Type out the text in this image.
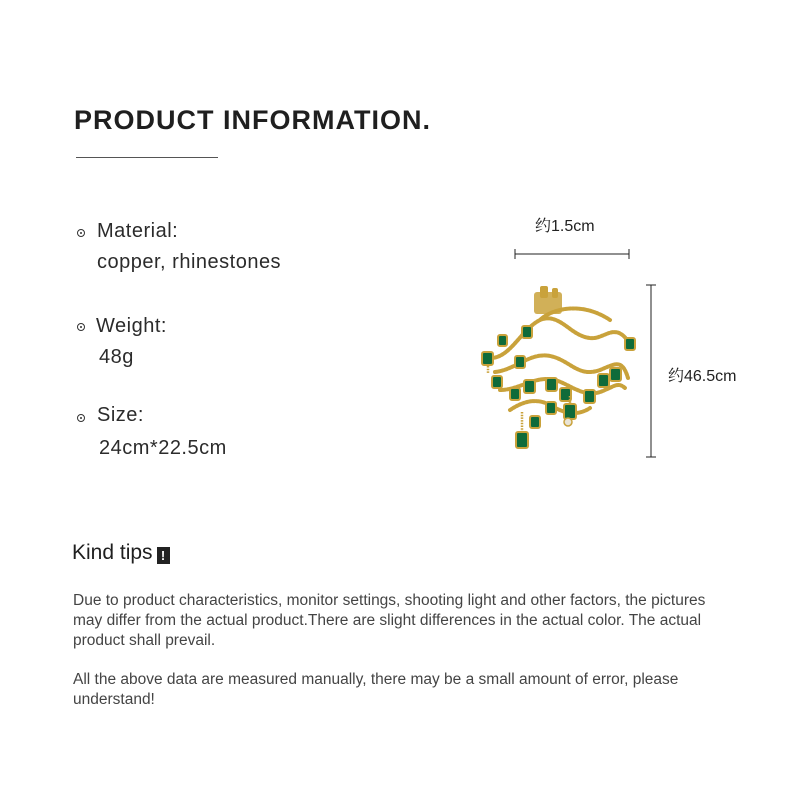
PRODUCT INFORMATION.
Material:
copper, rhinestones
Weight:
48g
Size:
24cm*22.5cm
约1.5cm
约46.5cm
Kind tips !
Due to product characteristics, monitor settings, shooting light and other factors, the pictures may differ from the actual product.There are slight differences in the actual color. The actual product shall prevail.
All the above data are measured manually, there may be a small amount of error, please understand!
